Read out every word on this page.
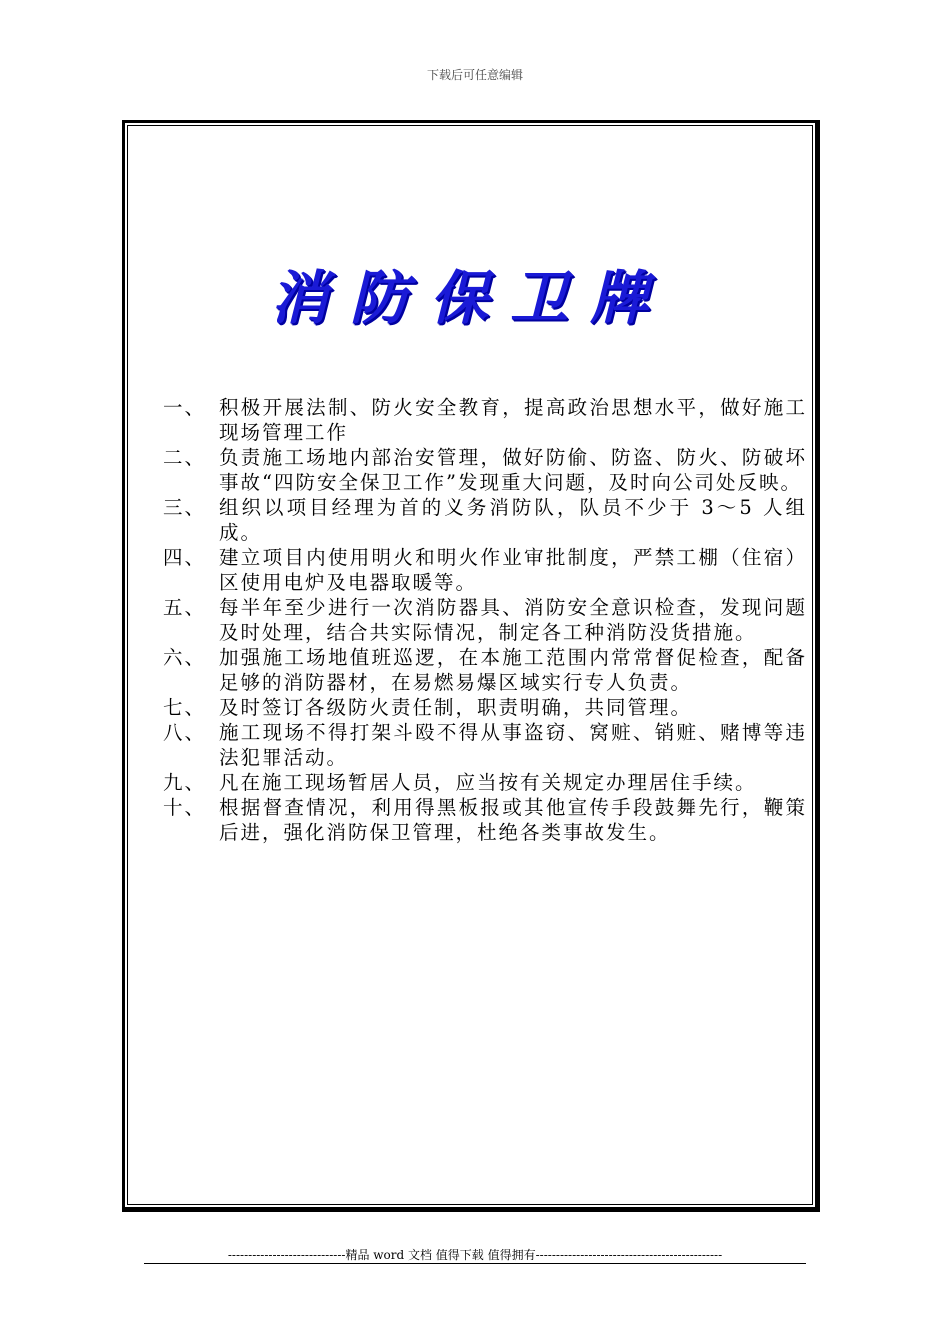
下载后可任意编辑
消防保卫牌
一、 积极开展法制、防火安全教育，提高政治思想水平，做好施工现场管理工作
二、 负责施工场地内部治安管理，做好防偷、防盗、防火、防破坏事故“四防安全保卫工作”发现重大问题，及时向公司处反映。
三、 组织以项目经理为首的义务消防队，队员不少于 3～5 人组成。
四、 建立项目内使用明火和明火作业审批制度，严禁工棚（住宿）区使用电炉及电器取暖等。
五、 每半年至少进行一次消防器具、消防安全意识检查，发现问题及时处理，结合共实际情况，制定各工种消防没货措施。
六、 加强施工场地值班巡逻，在本施工范围内常常督促检查，配备足够的消防器材，在易燃易爆区域实行专人负责。
七、 及时签订各级防火责任制，职责明确，共同管理。
八、 施工现场不得打架斗殴不得从事盗窃、窝赃、销赃、赌博等违法犯罪活动。
九、 凡在施工现场暂居人员，应当按有关规定办理居住手续。
十、 根据督查情况，利用得黑板报或其他宣传手段鼓舞先行，鞭策后进，强化消防保卫管理，杜绝各类事故发生。
-----------------------------精品 word 文档 值得下载 值得拥有----------------------------------------------
